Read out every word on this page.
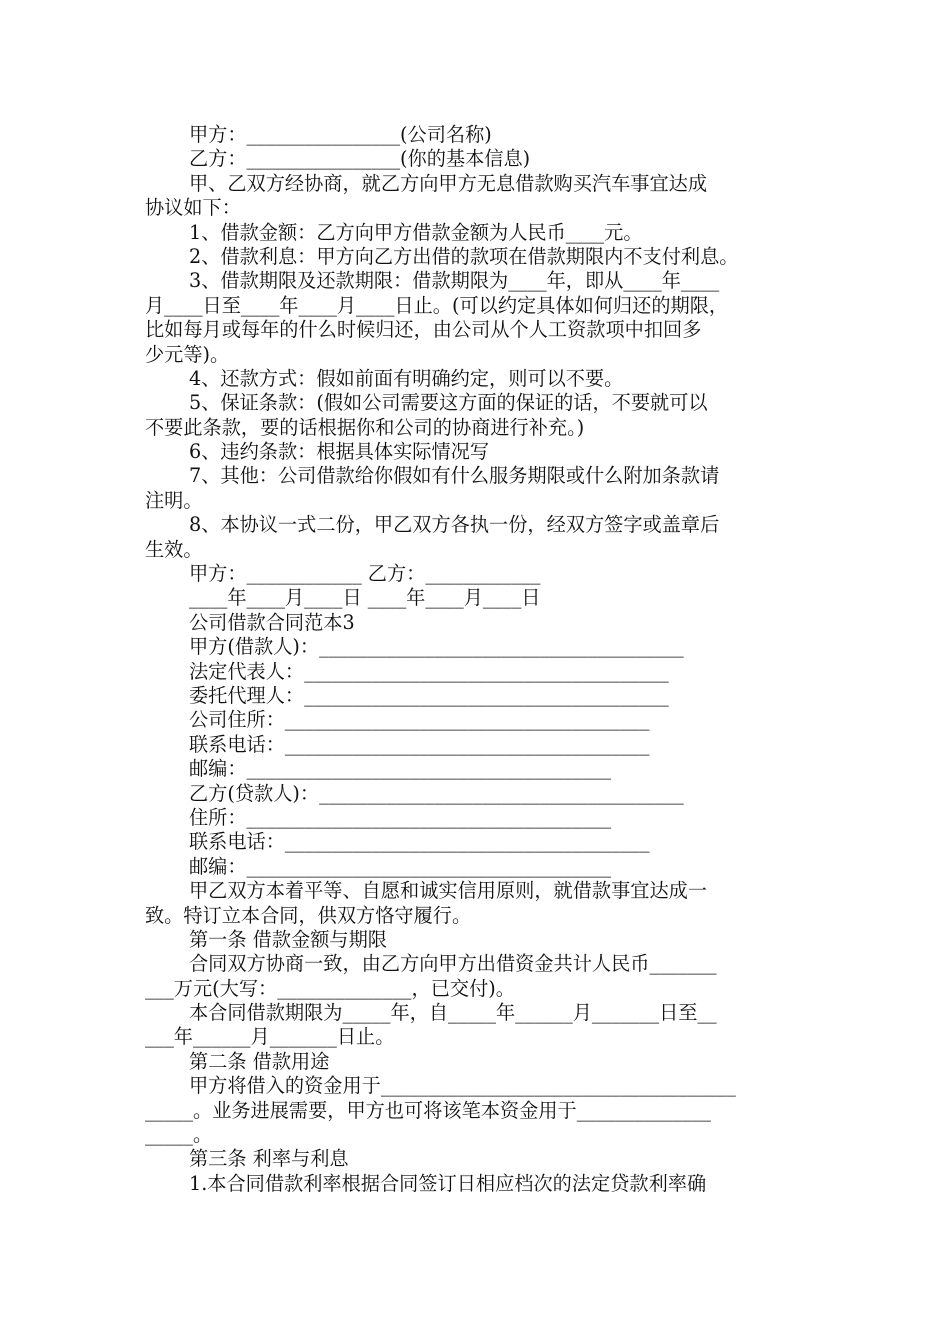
甲方：________________(公司名称)
乙方：________________(你的基本信息)
甲、乙双方经协商，就乙方向甲方无息借款购买汽车事宜达成
协议如下：
1、借款金额：乙方向甲方借款金额为人民币____元。
2、借款利息：甲方向乙方出借的款项在借款期限内不支付利息。
3、借款期限及还款期限：借款期限为____年，即从____年____
月____日至____年____月____日止。(可以约定具体如何归还的期限，
比如每月或每年的什么时候归还，由公司从个人工资款项中扣回多
少元等)。
4、还款方式：假如前面有明确约定，则可以不要。
5、保证条款：(假如公司需要这方面的保证的话，不要就可以
不要此条款，要的话根据你和公司的协商进行补充。)
6、违约条款：根据具体实际情况写
7、其他：公司借款给你假如有什么服务期限或什么附加条款请
注明。
8、本协议一式二份，甲乙双方各执一份，经双方签字或盖章后
生效。
甲方：____________ 乙方：____________
____年____月____日 ____年____月____日
公司借款合同范本3
甲方(借款人)：______________________________________
法定代表人：______________________________________
委托代理人：______________________________________
公司住所：______________________________________
联系电话：______________________________________
邮编：______________________________________
乙方(贷款人)：______________________________________
住所：______________________________________
联系电话：______________________________________
邮编：______________________________________
甲乙双方本着平等、自愿和诚实信用原则，就借款事宜达成一
致。特订立本合同，供双方恪守履行。
第一条 借款金额与期限
合同双方协商一致，由乙方向甲方出借资金共计人民币_______
___万元(大写：______________，已交付)。
本合同借款期限为_____年，自_____年______月_______日至__
___年______月_______日止。
第二条 借款用途
甲方将借入的资金用于_____________________________________
_____。业务进展需要，甲方也可将该笔本资金用于______________
_____。
第三条 利率与利息
1.本合同借款利率根据合同签订日相应档次的法定贷款利率确
